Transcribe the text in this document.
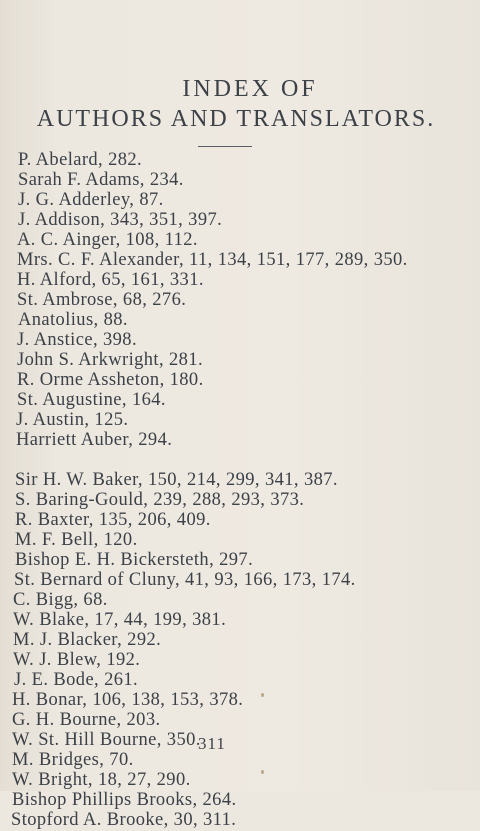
INDEX OF
AUTHORS AND TRANSLATORS.
P. Abelard, 282.
Sarah F. Adams, 234.
J. G. Adderley, 87.
J. Addison, 343, 351, 397.
A. C. Ainger, 108, 112.
Mrs. C. F. Alexander, 11, 134, 151, 177, 289, 350.
H. Alford, 65, 161, 331.
St. Ambrose, 68, 276.
Anatolius, 88.
J. Anstice, 398.
John S. Arkwright, 281.
R. Orme Assheton, 180.
St. Augustine, 164.
J. Austin, 125.
Harriett Auber, 294.
Sir H. W. Baker, 150, 214, 299, 341, 387.
S. Baring-Gould, 239, 288, 293, 373.
R. Baxter, 135, 206, 409.
M. F. Bell, 120.
Bishop E. H. Bickersteth, 297.
St. Bernard of Cluny, 41, 93, 166, 173, 174.
C. Bigg, 68.
W. Blake, 17, 44, 199, 381.
M. J. Blacker, 292.
W. J. Blew, 192.
J. E. Bode, 261.
H. Bonar, 106, 138, 153, 378.
G. H. Bourne, 203.
W. St. Hill Bourne, 350.
M. Bridges, 70.
W. Bright, 18, 27, 290.
Bishop Phillips Brooks, 264.
Stopford A. Brooke, 30, 311.
311
